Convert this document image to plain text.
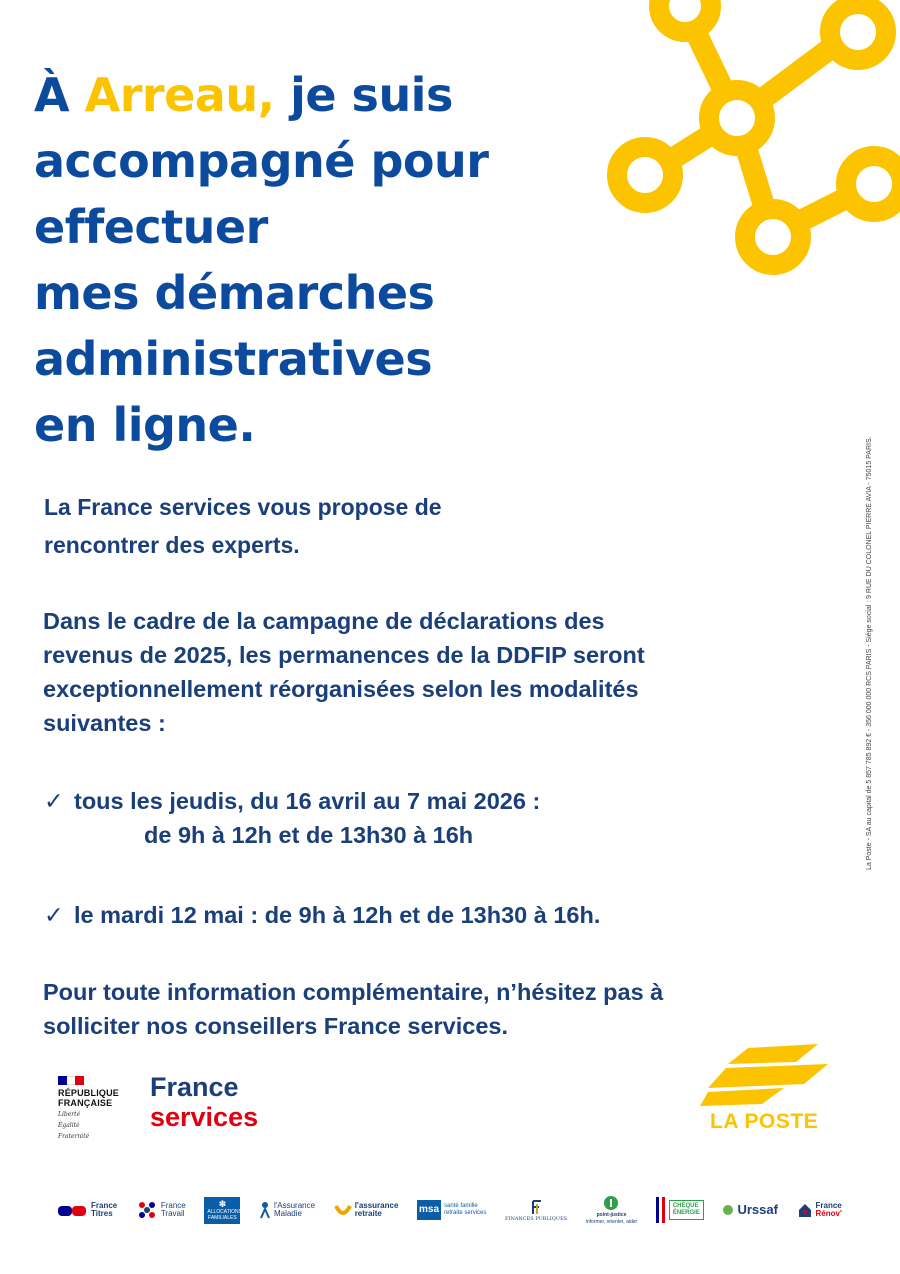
À Arreau, je suis
accompagné pour
effectuer
mes démarches
administratives
en ligne.
La France services vous propose de
rencontrer des experts.
Dans le cadre de la campagne de déclarations des
revenus de 2025, les permanences de la DDFIP seront
exceptionnellement réorganisées selon les modalités
suivantes :
✓ tous les jeudis, du 16 avril au 7 mai 2026 :
de 9h à 12h et de 13h30 à 16h
✓ le mardi 12 mai : de 9h à 12h et de 13h30 à 16h.
Pour toute information complémentaire, n’hésitez pas à
solliciter nos conseillers France services.
La Poste - SA au capital de 5 857 785 892 € - 356 000 000 RCS PARIS - Siège social : 9 RUE DU COLONEL PIERRE AVIA - 75015 PARIS.
RÉPUBLIQUE
FRANÇAISE
Liberté
Égalité
Fraternité
France
services	LA POSTE
France
Titres
France
Travail
✽
ALLOCATIONS
FAMILIALES
l'Assurance
Maladie
l'assurance
retraite	msa santé famille
retraite services
FINANCES PUBLIQUES
point-justice
informer, orienter, aider
CHÈQUE
ÉNERGIE	Urssaf	France
Rénov'
